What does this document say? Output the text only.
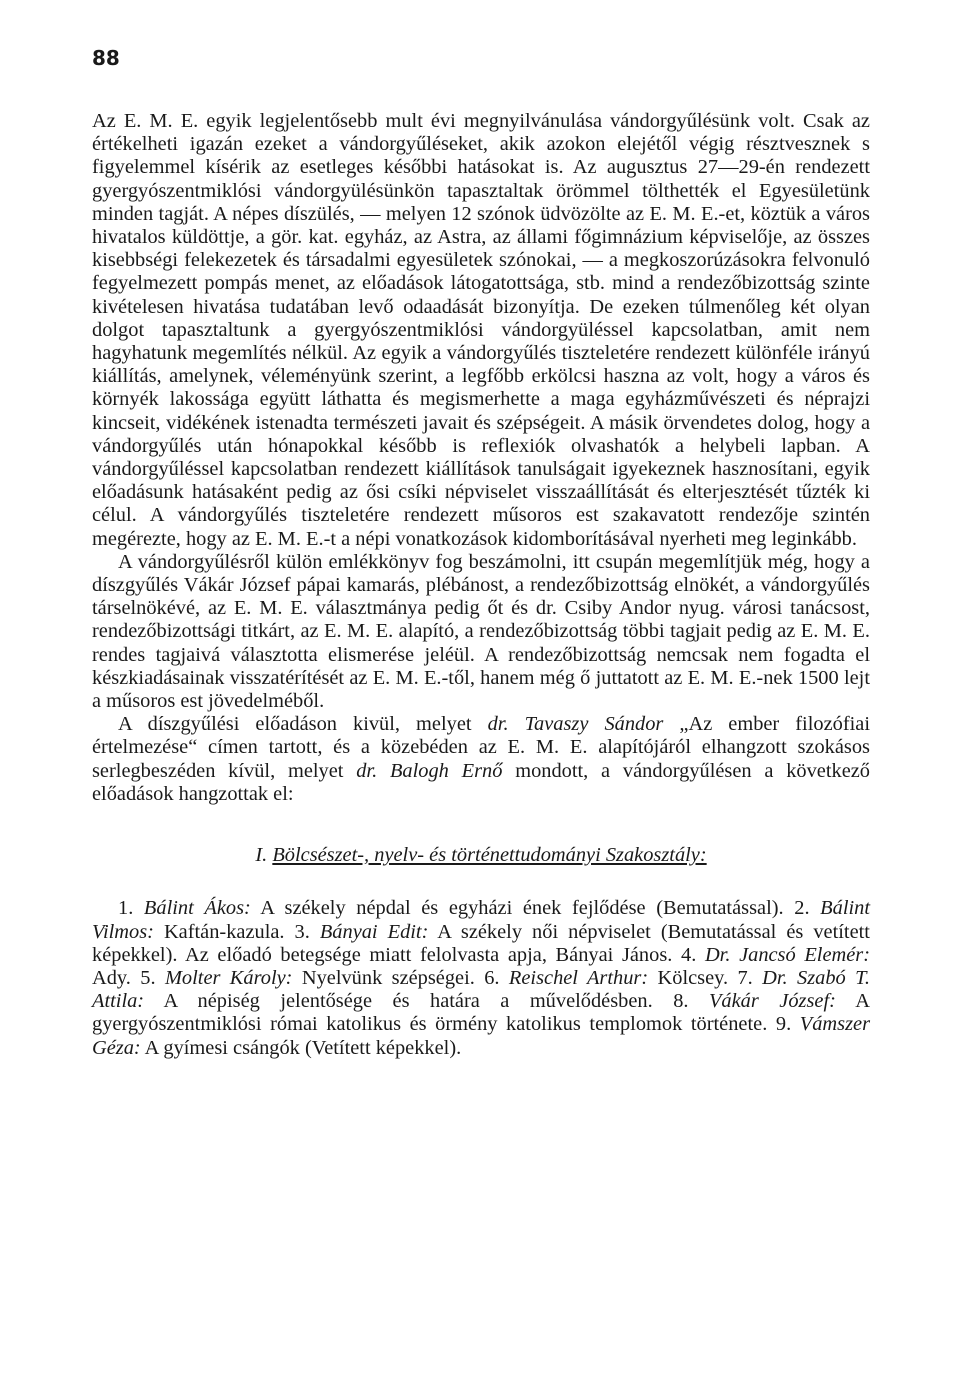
88

Az E. M. E. egyik legjelentősebb mult évi megnyilvánulása vándorgyűlésünk volt. Csak az értékelheti igazán ezeket a vándorgyűléseket, akik azokon elejétől végig résztvesznek s figyelemmel kísérik az esetleges későbbi hatásokat is. Az augusztus 27—29-én rendezett gyergyószentmiklósi vándorgyülésünkön tapasztaltak örömmel tölthették el Egyesületünk minden tagját. A népes díszülés, — melyen 12 szónok üdvözölte az E. M. E.-et, köztük a város hivatalos küldöttje, a gör. kat. egyház, az Astra, az állami főgimnázium képviselője, az összes kisebbségi felekezetek és társadalmi egyesületek szónokai, — a megkoszorúzásokra felvonuló fegyelmezett pompás menet, az előadások látogatottsága, stb. mind a rendezőbizottság szinte kivételesen hivatása tudatában levő odaadását bizonyítja. De ezeken túlmenőleg két olyan dolgot tapasztaltunk a gyergyószentmiklósi vándorgyüléssel kapcsolatban, amit nem hagyhatunk megemlítés nélkül. Az egyik a vándorgyűlés tiszteletére rendezett különféle irányú kiállítás, amelynek, véleményünk szerint, a legfőbb erkölcsi haszna az volt, hogy a város és környék lakossága együtt láthatta és megismerhette a maga egyházművészeti és néprajzi kincseit, vidékének istenadta természeti javait és szépségeit. A másik örvendetes dolog, hogy a vándorgyűlés után hónapokkal később is reflexiók olvashatók a helybeli lapban. A vándorgyűléssel kapcsolatban rendezett kiállítások tanulságait igyekeznek hasznosítani, egyik előadásunk hatásaként pedig az ősi csíki népviselet visszaállítását és elterjesztését tűzték ki célul. A vándorgyűlés tiszteletére rendezett műsoros est szakavatott rendezője szintén megérezte, hogy az E. M. E.-t a népi vonatkozások kidomborításával nyerheti meg leginkább.

A vándorgyűlésről külön emlékkönyv fog beszámolni, itt csupán megemlítjük még, hogy a díszgyűlés Vákár József pápai kamarás, plébánost, a rendezőbizottság elnökét, a vándorgyűlés társelnökévé, az E. M. E. választmánya pedig őt és dr. Csiby Andor nyug. városi tanácsost, rendezőbizottsági titkárt, az E. M. E. alapító, a rendezőbizottság többi tagjait pedig az E. M. E. rendes tagjaivá választotta elismerése jeléül. A rendezőbizottság nemcsak nem fogadta el készkiadásainak visszatérítését az E. M. E.-től, hanem még ő juttatott az E. M. E.-nek 1500 lejt a műsoros est jövedelméből.

A díszgyűlési előadáson kivül, melyet dr. Tavaszy Sándor „Az ember filozófiai értelmezése“ címen tartott, és a közebéden az E. M. E. alapítójáról elhangzott szokásos serlegbeszéden kívül, melyet dr. Balogh Ernő mondott, a vándorgyűlésen a következő előadások hangzottak el:

I. Bölcsészet-, nyelv- és történettudományi Szakosztály:

1. Bálint Ákos: A székely népdal és egyházi ének fejlődése (Bemutatással). 2. Bálint Vilmos: Kaftán-kazula. 3. Bányai Edit: A székely női népviselet (Bemutatással és vetített képekkel). Az előadó betegsége miatt felolvasta apja, Bányai János. 4. Dr. Jancsó Elemér: Ady. 5. Molter Károly: Nyelvünk szépségei. 6. Reischel Arthur: Kölcsey. 7. Dr. Szabó T. Attila: A népiség jelentősége és határa a művelődésben. 8. Vákár József: A gyergyószentmiklósi római katolikus és örmény katolikus templomok története. 9. Vámszer Géza: A gyímesi csángók (Vetített képekkel).
